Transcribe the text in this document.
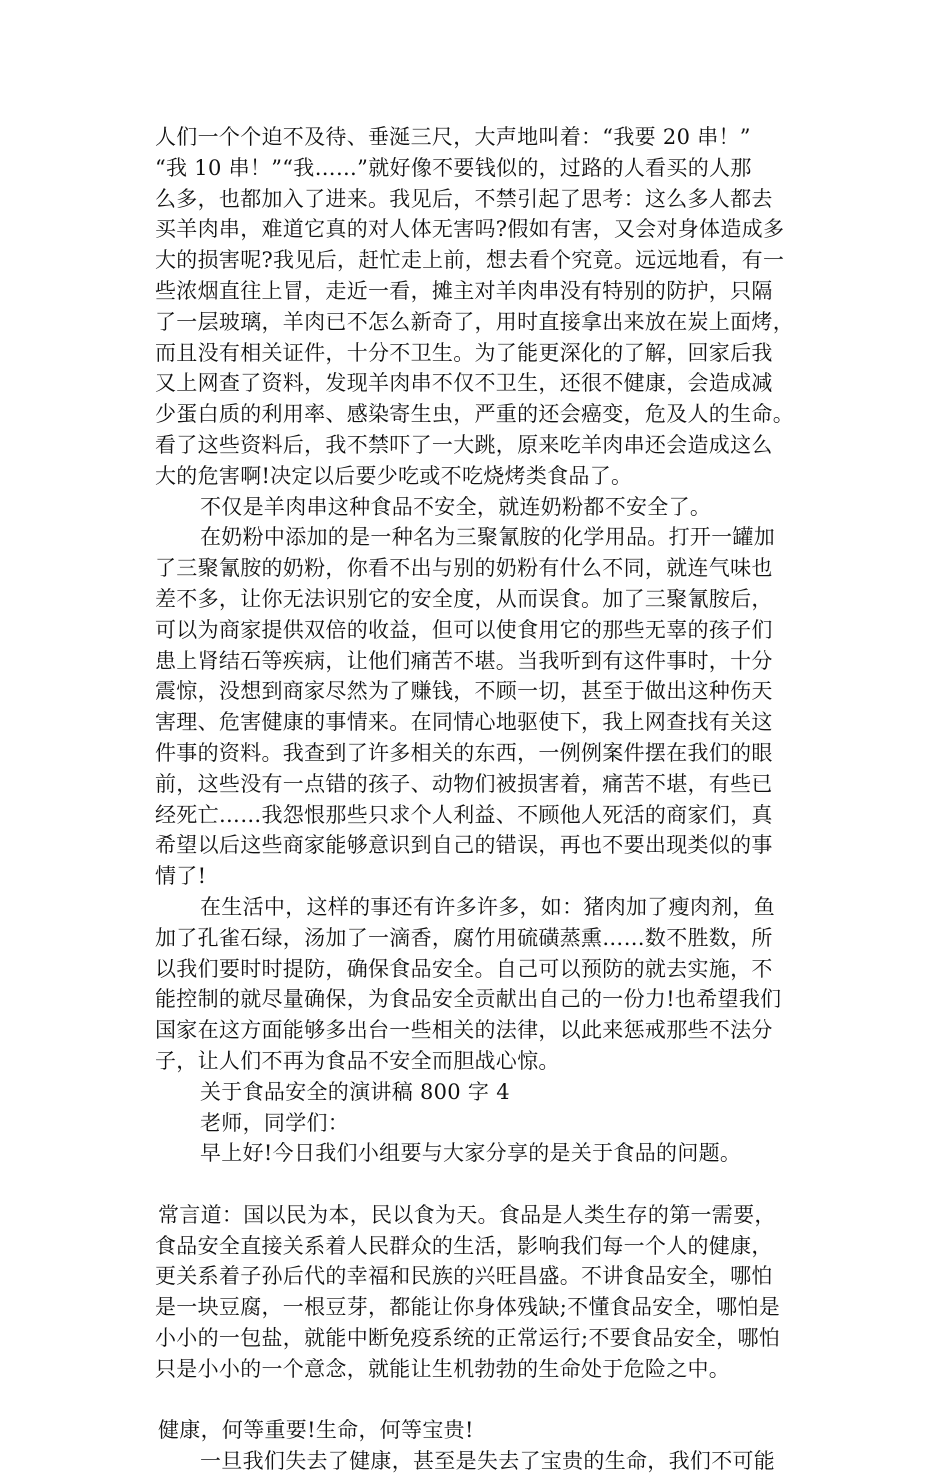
人们一个个迫不及待、垂涎三尺，大声地叫着：“我要 20 串！”
“我 10 串！”“我……”就好像不要钱似的，过路的人看买的人那
么多，也都加入了进来。我见后，不禁引起了思考：这么多人都去
买羊肉串，难道它真的对人体无害吗?假如有害，又会对身体造成多
大的损害呢?我见后，赶忙走上前，想去看个究竟。远远地看，有一
些浓烟直往上冒，走近一看，摊主对羊肉串没有特别的防护，只隔
了一层玻璃，羊肉已不怎么新奇了，用时直接拿出来放在炭上面烤，
而且没有相关证件，十分不卫生。为了能更深化的了解，回家后我
又上网查了资料，发现羊肉串不仅不卫生，还很不健康，会造成减
少蛋白质的利用率、感染寄生虫，严重的还会癌变，危及人的生命。
看了这些资料后，我不禁吓了一大跳，原来吃羊肉串还会造成这么
大的危害啊!决定以后要少吃或不吃烧烤类食品了。
不仅是羊肉串这种食品不安全，就连奶粉都不安全了。
在奶粉中添加的是一种名为三聚氰胺的化学用品。打开一罐加
了三聚氰胺的奶粉，你看不出与别的奶粉有什么不同，就连气味也
差不多，让你无法识别它的安全度，从而误食。加了三聚氰胺后，
可以为商家提供双倍的收益，但可以使食用它的那些无辜的孩子们
患上肾结石等疾病，让他们痛苦不堪。当我听到有这件事时，十分
震惊，没想到商家尽然为了赚钱，不顾一切，甚至于做出这种伤天
害理、危害健康的事情来。在同情心地驱使下，我上网查找有关这
件事的资料。我查到了许多相关的东西，一例例案件摆在我们的眼
前，这些没有一点错的孩子、动物们被损害着，痛苦不堪，有些已
经死亡……我怨恨那些只求个人利益、不顾他人死活的商家们，真
希望以后这些商家能够意识到自己的错误，再也不要出现类似的事
情了!
在生活中，这样的事还有许多许多，如：猪肉加了瘦肉剂，鱼
加了孔雀石绿，汤加了一滴香，腐竹用硫磺蒸熏……数不胜数，所
以我们要时时提防，确保食品安全。自己可以预防的就去实施，不
能控制的就尽量确保，为食品安全贡献出自己的一份力!也希望我们
国家在这方面能够多出台一些相关的法律，以此来惩戒那些不法分
子，让人们不再为食品不安全而胆战心惊。
关于食品安全的演讲稿 800 字 4
老师，同学们：
早上好!今日我们小组要与大家分享的是关于食品的问题。
常言道：国以民为本，民以食为天。食品是人类生存的第一需要，
食品安全直接关系着人民群众的生活，影响我们每一个人的健康，
更关系着子孙后代的幸福和民族的兴旺昌盛。不讲食品安全，哪怕
是一块豆腐，一根豆芽，都能让你身体残缺;不懂食品安全，哪怕是
小小的一包盐，就能中断免疫系统的正常运行;不要食品安全，哪怕
只是小小的一个意念，就能让生机勃勃的生命处于危险之中。
健康，何等重要!生命，何等宝贵!
一旦我们失去了健康，甚至是失去了宝贵的生命，我们不可能
